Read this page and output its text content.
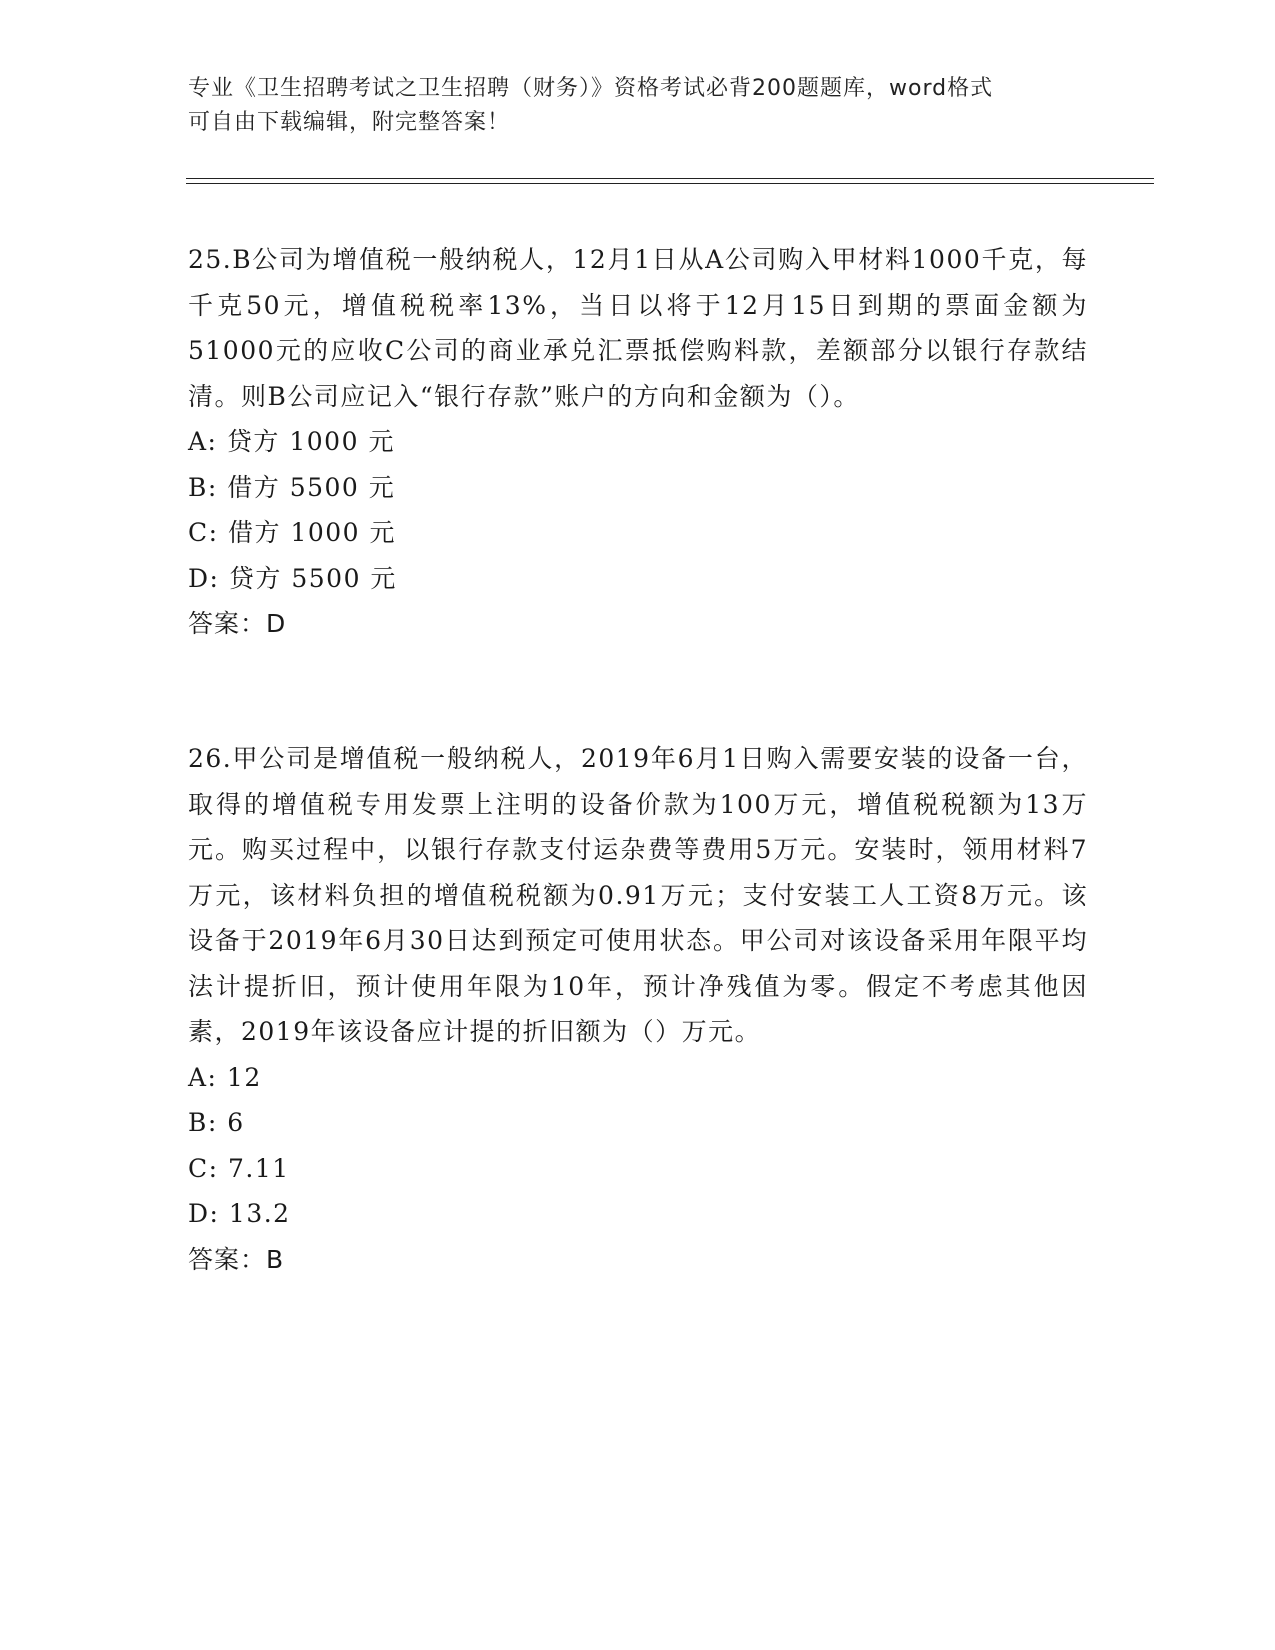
专业《卫生招聘考试之卫生招聘（财务）》资格考试必背200题题库，word格式
可自由下载编辑，附完整答案！

25.B公司为增值税一般纳税人，12月1日从A公司购入甲材料1000千克，每千克50元，增值税税率13%，当日以将于12月15日到期的票面金额为51000元的应收C公司的商业承兑汇票抵偿购料款，差额部分以银行存款结清。则B公司应记入“银行存款”账户的方向和金额为（）。

A: 贷方 1000 元
B: 借方 5500 元
C: 借方 1000 元
D: 贷方 5500 元
答案：D

26.甲公司是增值税一般纳税人，2019年6月1日购入需要安装的设备一台，取得的增值税专用发票上注明的设备价款为100万元，增值税税额为13万元。购买过程中，以银行存款支付运杂费等费用5万元。安装时，领用材料7万元，该材料负担的增值税税额为0.91万元；支付安装工人工资8万元。该设备于2019年6月30日达到预定可使用状态。甲公司对该设备采用年限平均法计提折旧，预计使用年限为10年，预计净残值为零。假定不考虑其他因素，2019年该设备应计提的折旧额为（）万元。

A: 12
B: 6
C: 7.11
D: 13.2
答案：B
